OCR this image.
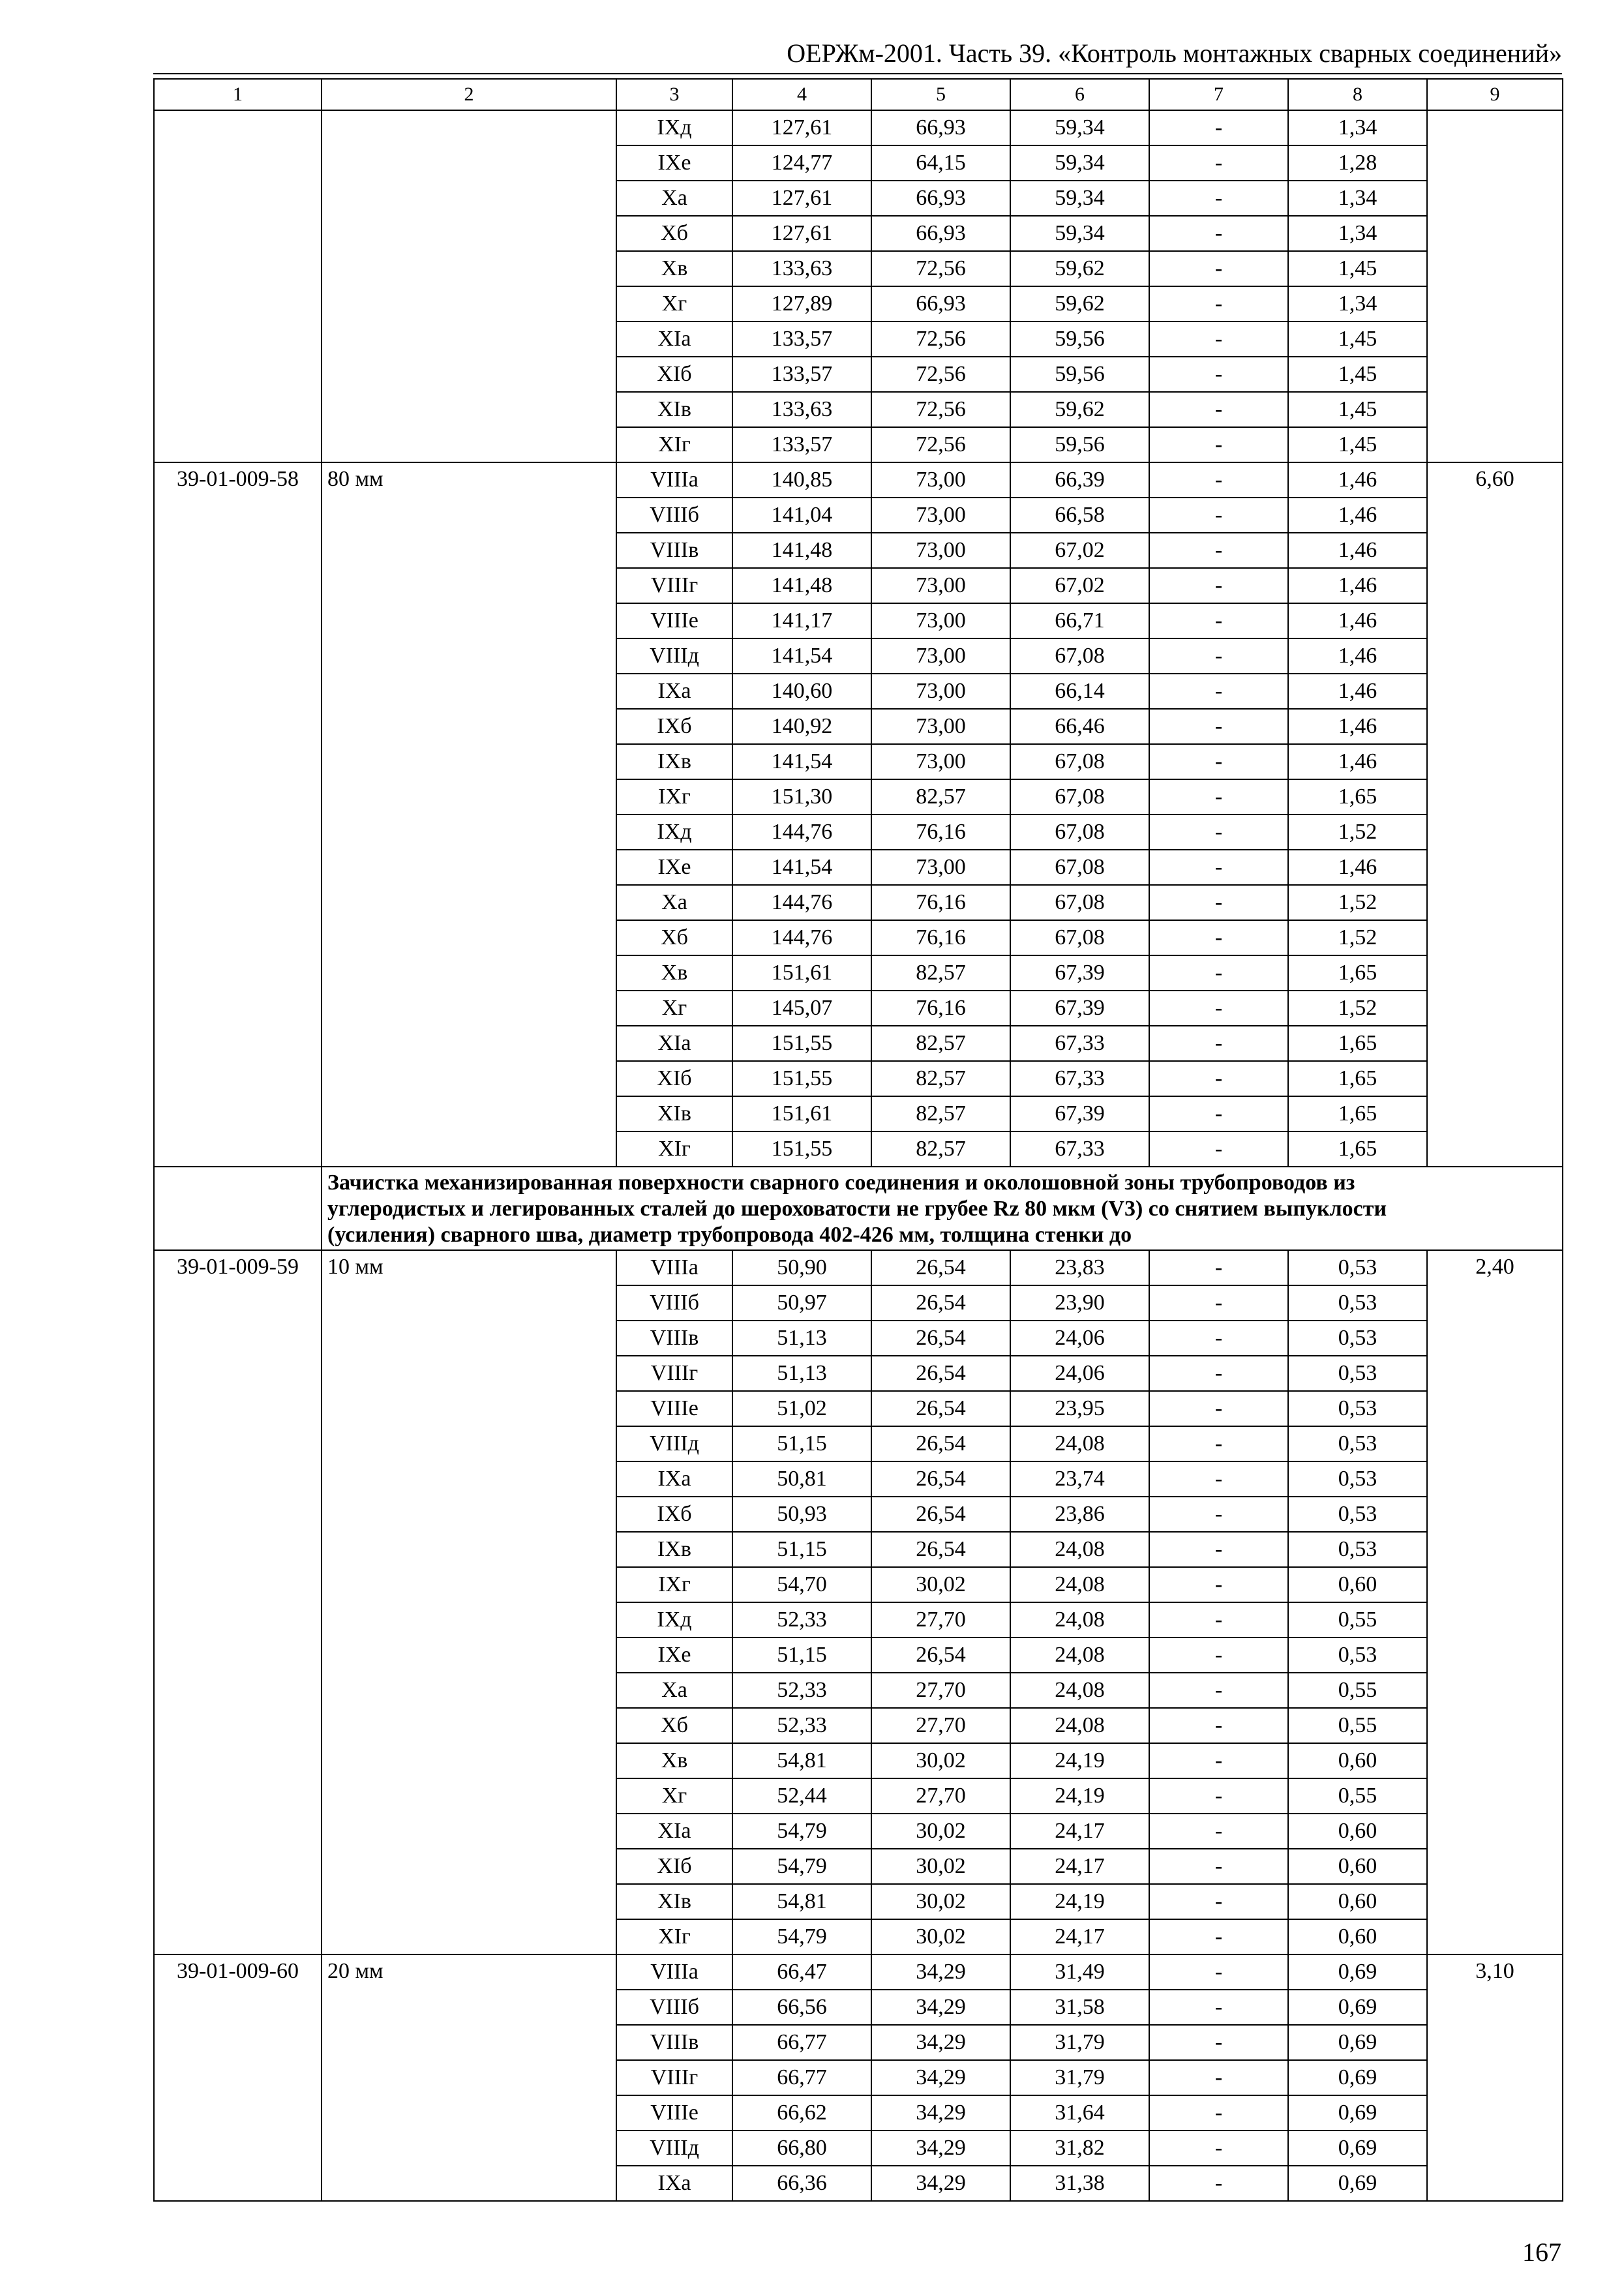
ОЕРЖм-2001. Часть 39. «Контроль монтажных сварных соединений»
1	2	3	4	5	6	7	8	9
		IXд	127,61	66,93	59,34	-	1,34	
		IXе	124,77	64,15	59,34	-	1,28	
		Xа	127,61	66,93	59,34	-	1,34	
		Xб	127,61	66,93	59,34	-	1,34	
		Xв	133,63	72,56	59,62	-	1,45	
		Xг	127,89	66,93	59,62	-	1,34	
		XIа	133,57	72,56	59,56	-	1,45	
		XIб	133,57	72,56	59,56	-	1,45	
		XIв	133,63	72,56	59,62	-	1,45	
		XIг	133,57	72,56	59,56	-	1,45	
39-01-009-58	80 мм	VIIIа	140,85	73,00	66,39	-	1,46	6,60
		VIIIб	141,04	73,00	66,58	-	1,46	
		VIIIв	141,48	73,00	67,02	-	1,46	
		VIIIг	141,48	73,00	67,02	-	1,46	
		VIIIе	141,17	73,00	66,71	-	1,46	
		VIIIд	141,54	73,00	67,08	-	1,46	
		IXа	140,60	73,00	66,14	-	1,46	
		IXб	140,92	73,00	66,46	-	1,46	
		IXв	141,54	73,00	67,08	-	1,46	
		IXг	151,30	82,57	67,08	-	1,65	
		IXд	144,76	76,16	67,08	-	1,52	
		IXе	141,54	73,00	67,08	-	1,46	
		Xа	144,76	76,16	67,08	-	1,52	
		Xб	144,76	76,16	67,08	-	1,52	
		Xв	151,61	82,57	67,39	-	1,65	
		Xг	145,07	76,16	67,39	-	1,52	
		XIа	151,55	82,57	67,33	-	1,65	
		XIб	151,55	82,57	67,33	-	1,65	
		XIв	151,61	82,57	67,39	-	1,65	
		XIг	151,55	82,57	67,33	-	1,65	

	Зачистка механизированная поверхности сварного соединения и околошовной зоны трубопроводов из
углеродистых и легированных сталей до шероховатости не грубее Rz 80 мкм (V3) со снятием выпуклости
(усиления) сварного шва, диаметр трубопровода 402-426 мм, толщина стенки до							

39-01-009-59	10 мм	VIIIа	50,90	26,54	23,83	-	0,53	2,40
		VIIIб	50,97	26,54	23,90	-	0,53	
		VIIIв	51,13	26,54	24,06	-	0,53	
		VIIIг	51,13	26,54	24,06	-	0,53	
		VIIIе	51,02	26,54	23,95	-	0,53	
		VIIIд	51,15	26,54	24,08	-	0,53	
		IXа	50,81	26,54	23,74	-	0,53	
		IXб	50,93	26,54	23,86	-	0,53	
		IXв	51,15	26,54	24,08	-	0,53	
		IXг	54,70	30,02	24,08	-	0,60	
		IXд	52,33	27,70	24,08	-	0,55	
		IXе	51,15	26,54	24,08	-	0,53	
		Xа	52,33	27,70	24,08	-	0,55	
		Xб	52,33	27,70	24,08	-	0,55	
		Xв	54,81	30,02	24,19	-	0,60	
		Xг	52,44	27,70	24,19	-	0,55	
		XIа	54,79	30,02	24,17	-	0,60	
		XIб	54,79	30,02	24,17	-	0,60	
		XIв	54,81	30,02	24,19	-	0,60	
		XIг	54,79	30,02	24,17	-	0,60	
39-01-009-60	20 мм	VIIIа	66,47	34,29	31,49	-	0,69	3,10
		VIIIб	66,56	34,29	31,58	-	0,69	
		VIIIв	66,77	34,29	31,79	-	0,69	
		VIIIг	66,77	34,29	31,79	-	0,69	
		VIIIе	66,62	34,29	31,64	-	0,69	
		VIIIд	66,80	34,29	31,82	-	0,69	
		IXа	66,36	34,29	31,38	-	0,69	
167
